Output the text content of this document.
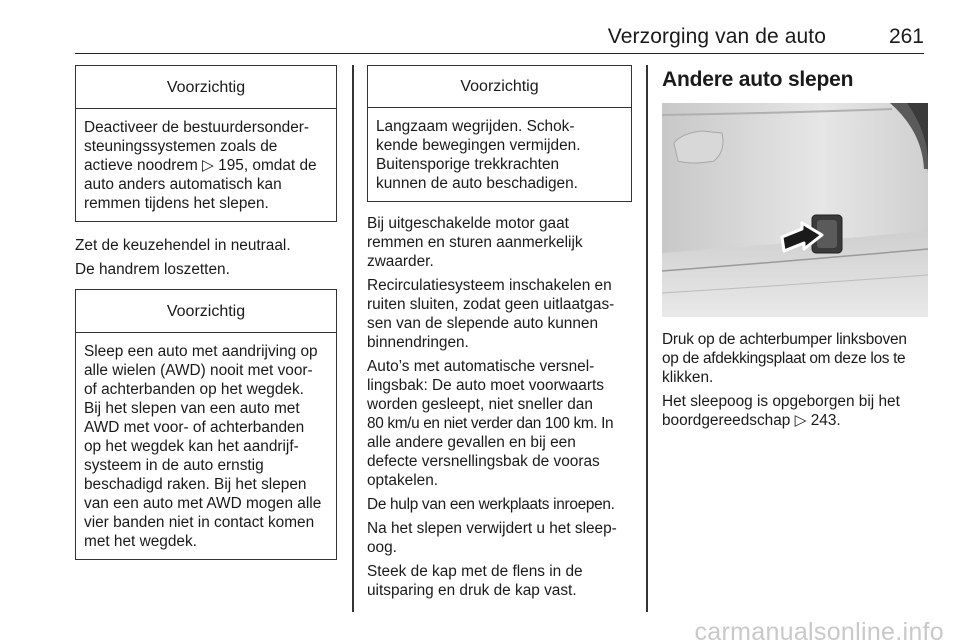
Verzorging van de auto	261
Voorzichtig
Deactiveer de bestuurdersonder-
steuningssystemen zoals de
actieve noodrem ▷ 195, omdat de
auto anders automatisch kan
remmen tijdens het slepen.

Zet de keuzehendel in neutraal.

De handrem loszetten.

Voorzichtig
Sleep een auto met aandrijving op
alle wielen (AWD) nooit met voor-
of achterbanden op het wegdek.
Bij het slepen van een auto met
AWD met voor- of achterbanden
op het wegdek kan het aandrijf-
systeem in de auto ernstig
beschadigd raken. Bij het slepen
van een auto met AWD mogen alle
vier banden niet in contact komen
met het wegdek.
Voorzichtig
Langzaam wegrijden. Schok-
kende bewegingen vermijden.
Buitensporige trekkrachten
kunnen de auto beschadigen.

Bij uitgeschakelde motor gaat
remmen en sturen aanmerkelijk
zwaarder.

Recirculatiesysteem inschakelen en
ruiten sluiten, zodat geen uitlaatgas-
sen van de slepende auto kunnen
binnendringen.

Auto’s met automatische versnel-
lingsbak: De auto moet voorwaarts
worden gesleept, niet sneller dan
80 km/u en niet verder dan 100 km. In
alle andere gevallen en bij een
defecte versnellingsbak de vooras
optakelen.

De hulp van een werkplaats inroepen.

Na het slepen verwijdert u het sleep-
oog.

Steek de kap met de flens in de
uitsparing en druk de kap vast.

Andere auto slepen

Druk op de achterbumper linksboven
op de afdekkingsplaat om deze los te
klikken.

Het sleepoog is opgeborgen bij het
boordgereedschap ▷ 243.

carmanualsonline.info
